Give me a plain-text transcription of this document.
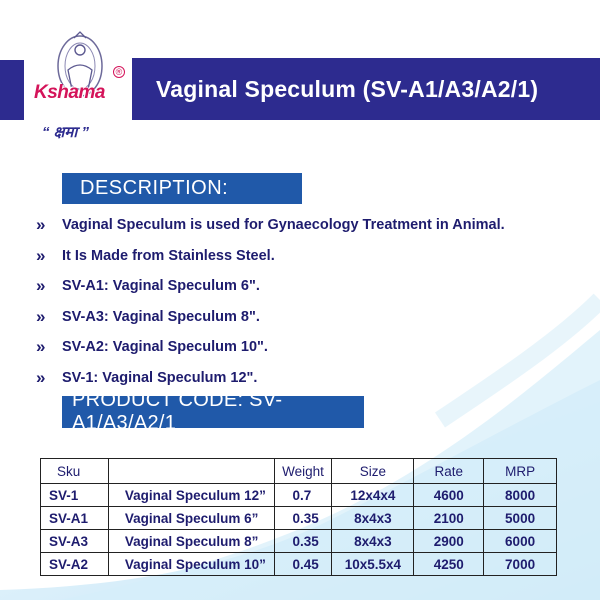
Vaginal Speculum (SV-A1/A3/A2/1)
Kshama
®
“ क्षमा ”
DESCRIPTION:
»	Vaginal Speculum is used for Gynaecology Treatment in Animal.
»	It Is Made from Stainless Steel.
»	SV-A1: Vaginal Speculum 6".
»	SV-A3: Vaginal Speculum 8".
»	SV-A2: Vaginal Speculum 10".
»	SV-1: Vaginal Speculum 12".
PRODUCT CODE: SV-A1/A3/A2/1
Sku		Weight	Size	Rate	MRP
SV-1	Vaginal Speculum 12”	0.7	12x4x4	4600	8000
SV-A1	Vaginal Speculum 6”	0.35	8x4x3	2100	5000
SV-A3	Vaginal Speculum 8”	0.35	8x4x3	2900	6000
SV-A2	Vaginal Speculum 10”	0.45	10x5.5x4	4250	7000
